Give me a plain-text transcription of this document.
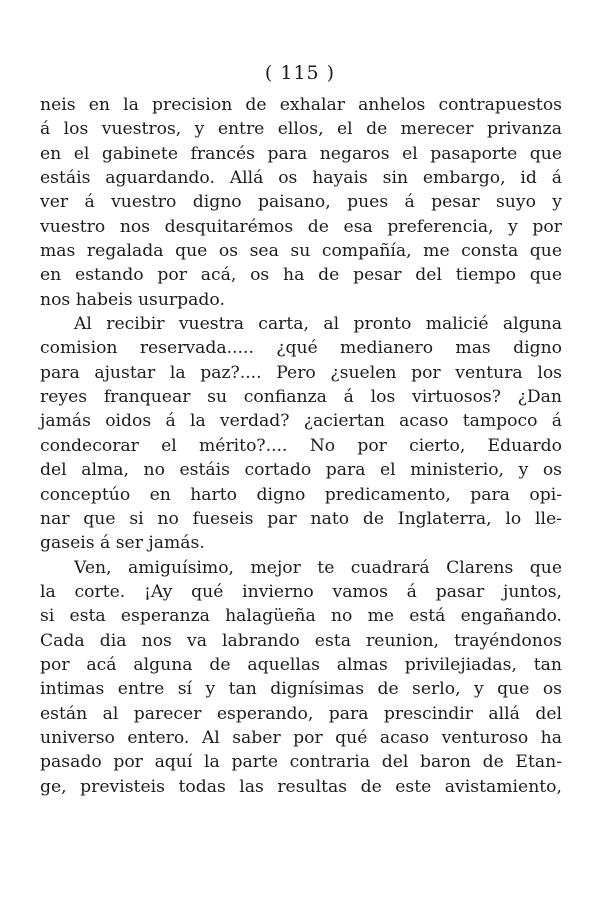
( 115 )
neis en la precision de exhalar anhelos contrapuestos
á los vuestros, y entre ellos, el de merecer privanza
en el gabinete francés para negaros el pasaporte que
estáis aguardando. Allá os hayais sin embargo, id á
ver á vuestro digno paisano, pues á pesar suyo y
vuestro nos desquitarémos de esa preferencia, y por
mas regalada que os sea su compañía, me consta que
en estando por acá, os ha de pesar del tiempo que
nos habeis usurpado.
Al recibir vuestra carta, al pronto malicié alguna
comision reservada..... ¿qué medianero mas digno
para ajustar la paz?.... Pero ¿suelen por ventura los
reyes franquear su confianza á los virtuosos? ¿Dan
jamás oidos á la verdad? ¿aciertan acaso tampoco á
condecorar el mérito?.... No por cierto, Eduardo
del alma, no estáis cortado para el ministerio, y os
conceptúo en harto digno predicamento, para opi-
nar que si no fueseis par nato de Inglaterra, lo lle-
gaseis á ser jamás.
Ven, amiguísimo, mejor te cuadrará Clarens que
la corte. ¡Ay qué invierno vamos á pasar juntos,
si esta esperanza halagüeña no me está engañando.
Cada dia nos va labrando esta reunion, trayéndonos
por acá alguna de aquellas almas privilejiadas, tan
intimas entre sí y tan dignísimas de serlo, y que os
están al parecer esperando, para prescindir allá del
universo entero. Al saber por qué acaso venturoso ha
pasado por aquí la parte contraria del baron de Etan-
ge, previsteis todas las resultas de este avistamiento,
